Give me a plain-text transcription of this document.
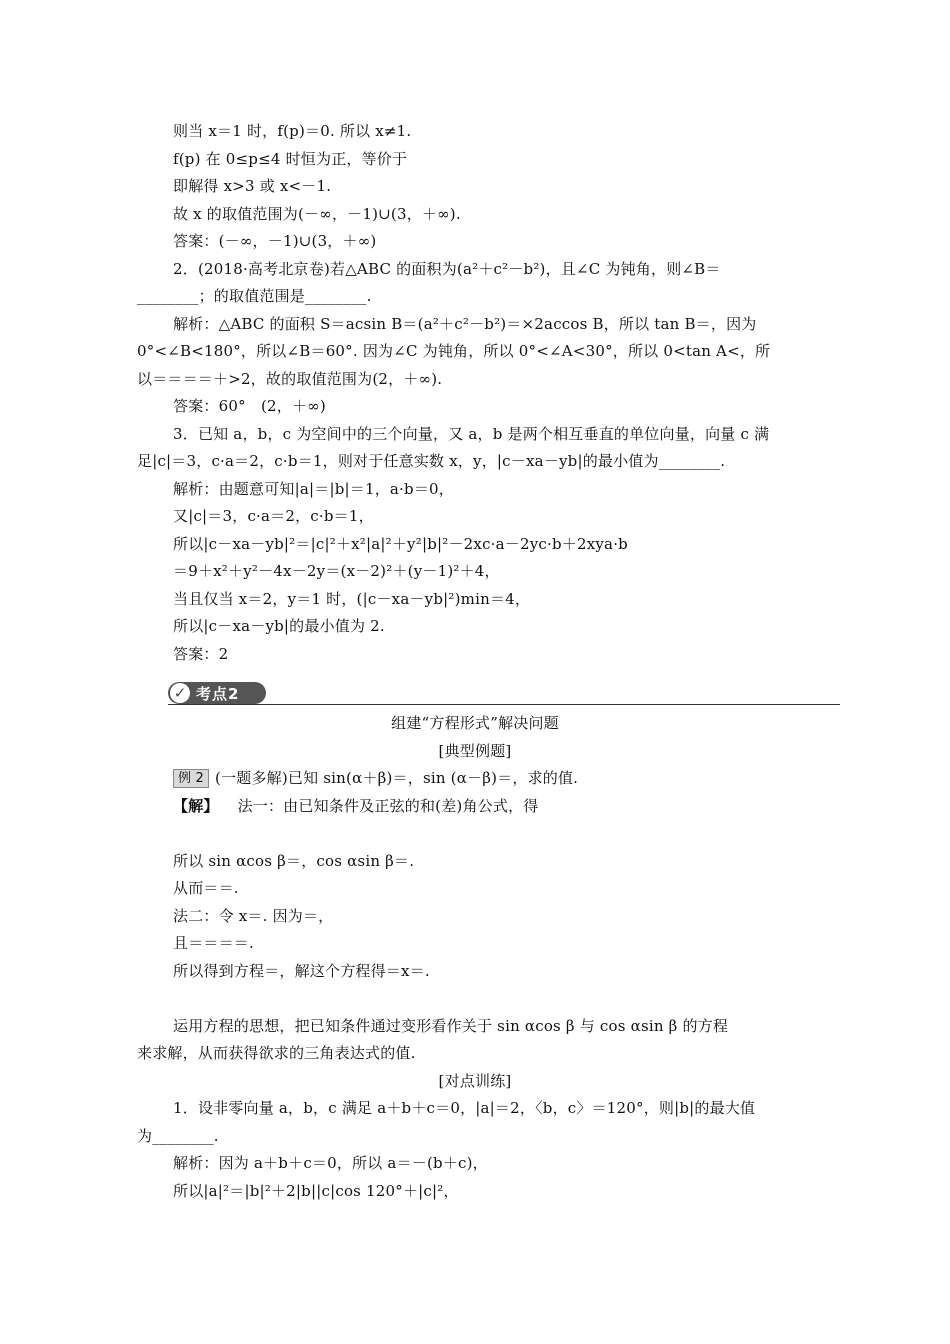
则当 x＝1 时，f(p)＝0. 所以 x≠1.
f(p) 在 0≤p≤4 时恒为正，等价于
即解得 x>3 或 x<－1.
故 x 的取值范围为(－∞，－1)∪(3，＋∞).
答案：(－∞，－1)∪(3，＋∞)
2．(2018·高考北京卷)若△ABC 的面积为(a²＋c²－b²)，且∠C 为钝角，则∠B＝
________；的取值范围是________.
解析：△ABC 的面积 S＝acsin B＝(a²＋c²－b²)＝×2accos B，所以 tan B＝，因为
0°<∠B<180°，所以∠B＝60°. 因为∠C 为钝角，所以 0°<∠A<30°，所以 0<tan A<，所
以＝＝＝＝＋>2，故的取值范围为(2，＋∞).
答案：60°　(2，＋∞)
3．已知 a，b，c 为空间中的三个向量，又 a，b 是两个相互垂直的单位向量，向量 c 满
足|c|＝3，c·a＝2，c·b＝1，则对于任意实数 x，y，|c－xa－yb|的最小值为________.
解析：由题意可知|a|＝|b|＝1，a·b＝0，
又|c|＝3，c·a＝2，c·b＝1，
所以|c－xa－yb|²＝|c|²＋x²|a|²＋y²|b|²－2xc·a－2yc·b＋2xya·b
＝9＋x²＋y²－4x－2y＝(x－2)²＋(y－1)²＋4，
当且仅当 x＝2，y＝1 时，(|c－xa－yb|²)min＝4，
所以|c－xa－yb|的最小值为 2.
答案：2
✓ 考点2
组建“方程形式”解决问题
[典型例题]
例 2 (一题多解)已知 sin(α＋β)＝，sin (α－β)＝，求的值.
【解】 法一：由已知条件及正弦的和(差)角公式，得
所以 sin αcos β＝，cos αsin β＝.
从而＝＝.
法二：令 x＝. 因为＝，
且＝＝＝＝.
所以得到方程＝，解这个方程得＝x＝.
运用方程的思想，把已知条件通过变形看作关于 sin αcos β 与 cos αsin β 的方程
来求解，从而获得欲求的三角表达式的值.
[对点训练]
1．设非零向量 a，b，c 满足 a＋b＋c＝0，|a|＝2，〈b，c〉＝120°，则|b|的最大值
为________.
解析：因为 a＋b＋c＝0，所以 a＝－(b＋c)，
所以|a|²＝|b|²＋2|b||c|cos 120°＋|c|²，
